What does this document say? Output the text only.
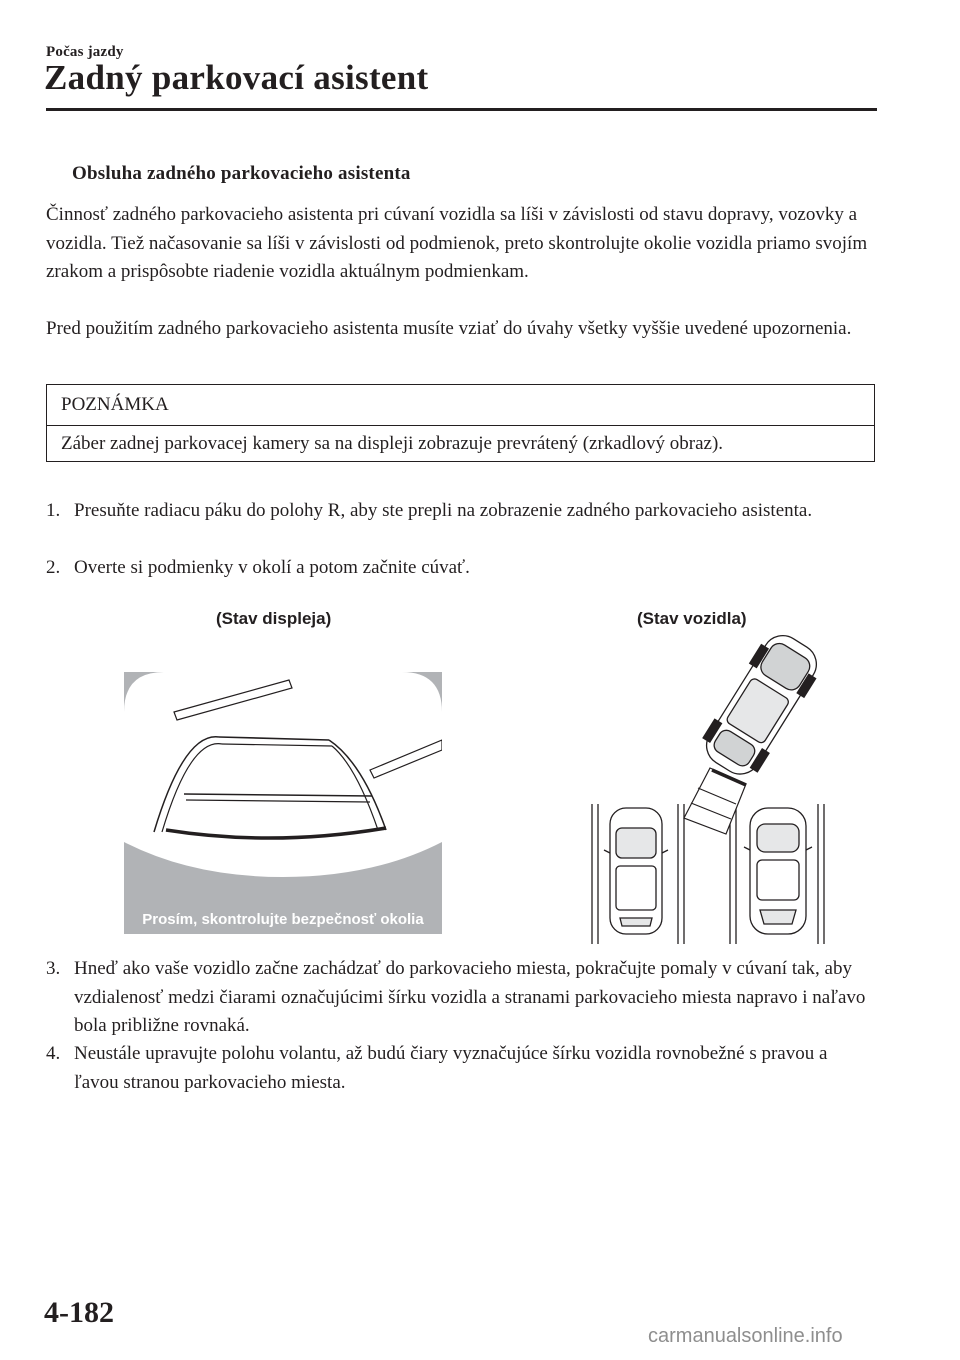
Počas jazdy
Zadný parkovací asistent
Obsluha zadného parkovacieho asistenta
Činnosť zadného parkovacieho asistenta pri cúvaní vozidla sa líši v závislosti od stavu dopravy, vozovky a vozidla. Tiež načasovanie sa líši v závislosti od podmienok, preto skontrolujte okolie vozidla priamo svojím zrakom a prispôsobte riadenie vozidla aktuálnym podmienkam.
Pred použitím zadného parkovacieho asistenta musíte vziať do úvahy všetky vyššie uvedené upozornenia.
POZNÁMKA
Záber zadnej parkovacej kamery sa na displeji zobrazuje prevrátený (zrkadlový obraz).
1. Presuňte radiacu páku do polohy R, aby ste prepli na zobrazenie zadného parkovacieho asistenta.
2. Overte si podmienky v okolí a potom začnite cúvať.
(Stav displeja)	(Stav vozidla)
Prosím, skontrolujte bezpečnosť okolia
3. Hneď ako vaše vozidlo začne zachádzať do parkovacieho miesta, pokračujte pomaly v cúvaní tak, aby vzdialenosť medzi čiarami označujúcimi šírku vozidla a stranami parkovacieho miesta napravo i naľavo bola približne rovnaká.
4. Neustále upravujte polohu volantu, až budú čiary vyznačujúce šírku vozidla rovnobežné s pravou a ľavou stranou parkovacieho miesta.
4-182
carmanualsonline.info
